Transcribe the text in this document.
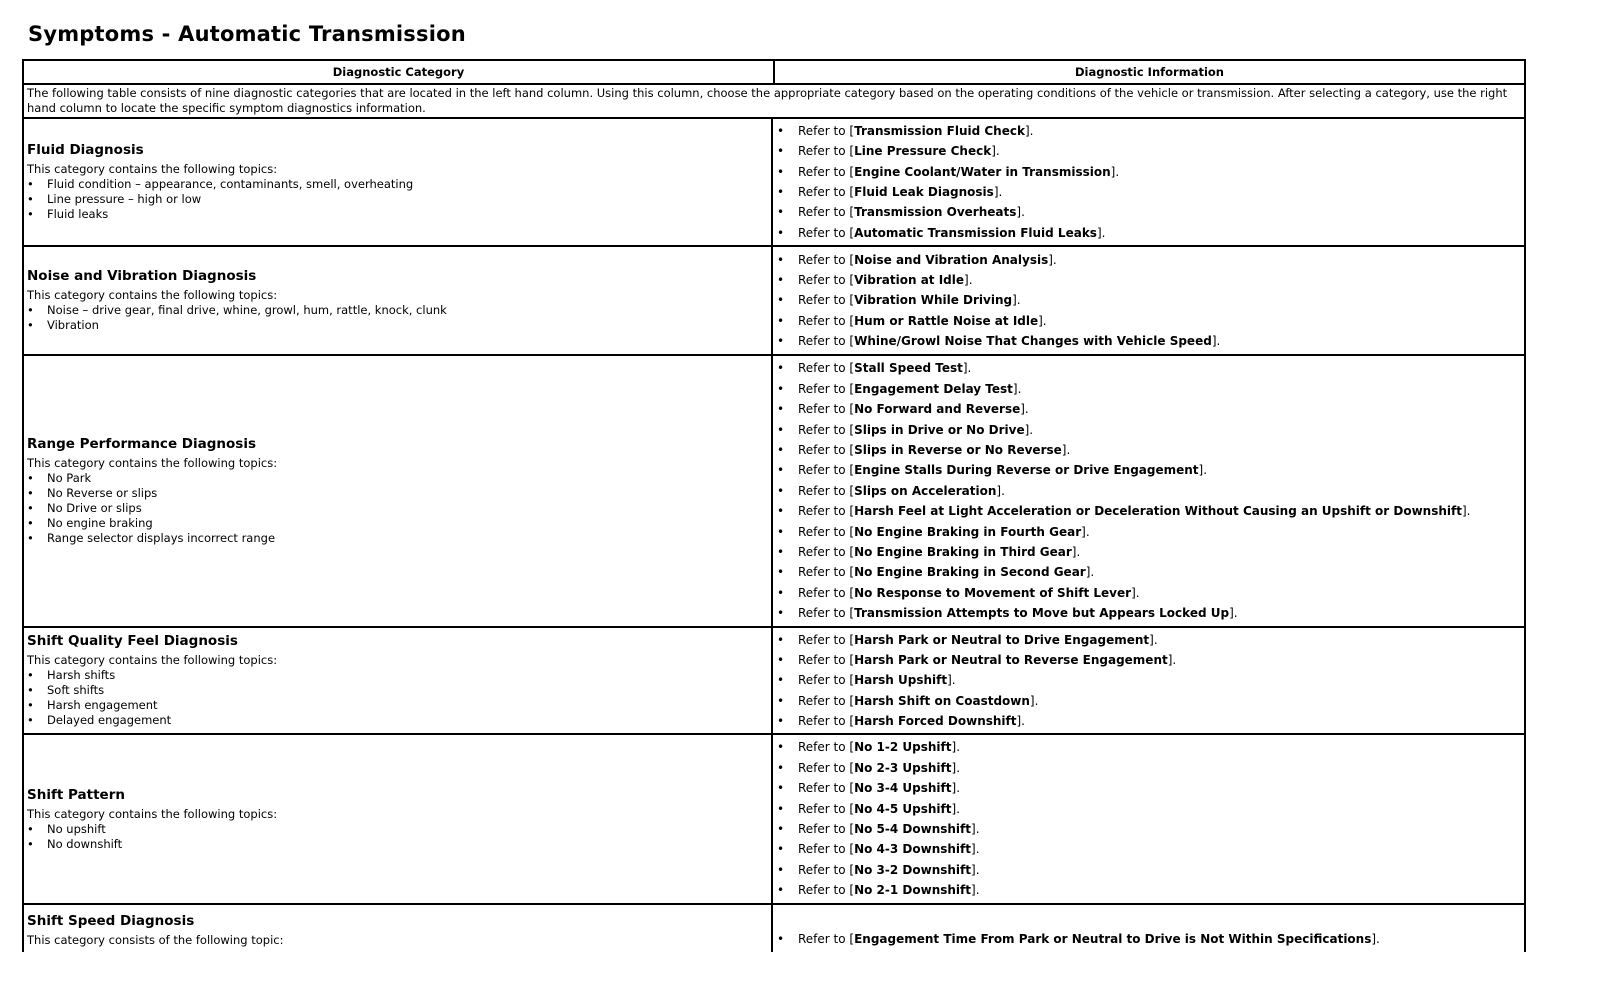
Symptoms - Automatic Transmission
Diagnostic Category	Diagnostic Information
The following table consists of nine diagnostic categories that are located in the left hand column. Using this column, choose the appropriate category based on the operating conditions of the vehicle or transmission. After selecting a category, use the right hand column to locate the specific symptom diagnostics information.
Fluid Diagnosis
This category contains the following topics:
• Fluid condition – appearance, contaminants, smell, overheating
• Line pressure – high or low
• Fluid leaks
• Refer to [Transmission Fluid Check].
• Refer to [Line Pressure Check].
• Refer to [Engine Coolant/Water in Transmission].
• Refer to [Fluid Leak Diagnosis].
• Refer to [Transmission Overheats].
• Refer to [Automatic Transmission Fluid Leaks].
Noise and Vibration Diagnosis
This category contains the following topics:
• Noise – drive gear, final drive, whine, growl, hum, rattle, knock, clunk
• Vibration
• Refer to [Noise and Vibration Analysis].
• Refer to [Vibration at Idle].
• Refer to [Vibration While Driving].
• Refer to [Hum or Rattle Noise at Idle].
• Refer to [Whine/Growl Noise That Changes with Vehicle Speed].
Range Performance Diagnosis
This category contains the following topics:
• No Park
• No Reverse or slips
• No Drive or slips
• No engine braking
• Range selector displays incorrect range
• Refer to [Stall Speed Test].
• Refer to [Engagement Delay Test].
• Refer to [No Forward and Reverse].
• Refer to [Slips in Drive or No Drive].
• Refer to [Slips in Reverse or No Reverse].
• Refer to [Engine Stalls During Reverse or Drive Engagement].
• Refer to [Slips on Acceleration].
• Refer to [Harsh Feel at Light Acceleration or Deceleration Without Causing an Upshift or Downshift].
• Refer to [No Engine Braking in Fourth Gear].
• Refer to [No Engine Braking in Third Gear].
• Refer to [No Engine Braking in Second Gear].
• Refer to [No Response to Movement of Shift Lever].
• Refer to [Transmission Attempts to Move but Appears Locked Up].
Shift Quality Feel Diagnosis
This category contains the following topics:
• Harsh shifts
• Soft shifts
• Harsh engagement
• Delayed engagement
• Refer to [Harsh Park or Neutral to Drive Engagement].
• Refer to [Harsh Park or Neutral to Reverse Engagement].
• Refer to [Harsh Upshift].
• Refer to [Harsh Shift on Coastdown].
• Refer to [Harsh Forced Downshift].
Shift Pattern
This category contains the following topics:
• No upshift
• No downshift
• Refer to [No 1-2 Upshift].
• Refer to [No 2-3 Upshift].
• Refer to [No 3-4 Upshift].
• Refer to [No 4-5 Upshift].
• Refer to [No 5-4 Downshift].
• Refer to [No 4-3 Downshift].
• Refer to [No 3-2 Downshift].
• Refer to [No 2-1 Downshift].
Shift Speed Diagnosis
This category consists of the following topic:	• Refer to [Engagement Time From Park or Neutral to Drive is Not Within Specifications].
